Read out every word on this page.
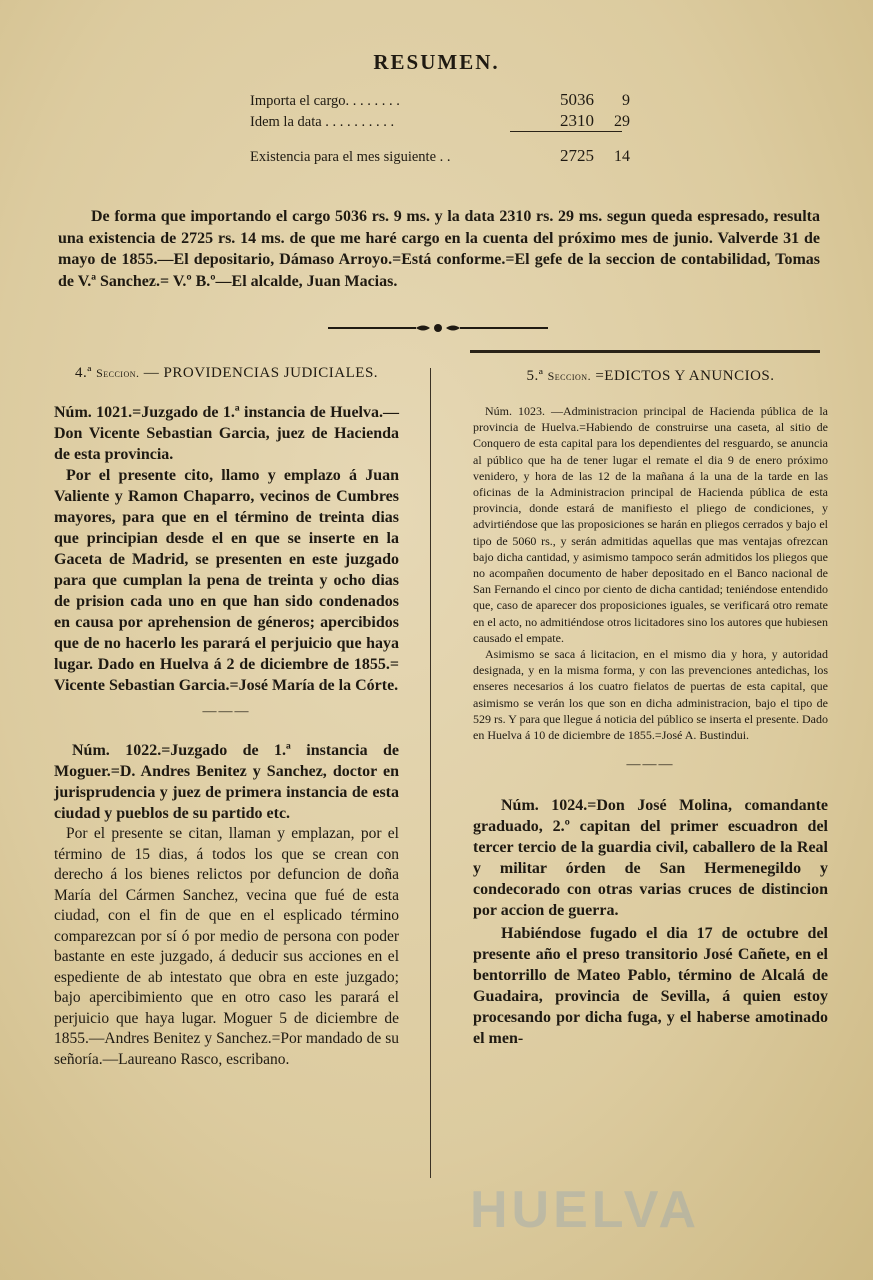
RESUMEN.
Importa el cargo. . . . . . . .	5036	9
Idem la data . . . . . . . . . .	2310	29
Existencia para el mes siguiente . .	2725	14

De forma que importando el cargo 5036 rs. 9 ms. y la data 2310 rs. 29 ms. segun queda espresado, resulta una existencia de 2725 rs. 14 ms. de que me haré cargo en la cuenta del próximo mes de junio. Valverde 31 de mayo de 1855.—El depositario, Dámaso Arroyo.=Está conforme.=El gefe de la seccion de contabilidad, Tomas de V.ª Sanchez.= V.º B.º—El alcalde, Juan Macias.

4.ª Seccion. — PROVIDENCIAS JUDICIALES.

Núm. 1021.=Juzgado de 1.ª instancia de Huelva.—Don Vicente Sebastian Garcia, juez de Hacienda de esta provincia.

Por el presente cito, llamo y emplazo á Juan Valiente y Ramon Chaparro, vecinos de Cumbres mayores, para que en el término de treinta dias que principian desde el en que se inserte en la Gaceta de Madrid, se presenten en este juzgado para que cumplan la pena de treinta y ocho dias de prision cada uno en que han sido condenados en causa por aprehension de géneros; apercibidos que de no hacerlo les parará el perjuicio que haya lugar. Dado en Huelva á 2 de diciembre de 1855.= Vicente Sebastian Garcia.=José María de la Córte.

———

Núm. 1022.=Juzgado de 1.ª instancia de Moguer.=D. Andres Benitez y Sanchez, doctor en jurisprudencia y juez de primera instancia de esta ciudad y pueblos de su partido etc.

Por el presente se citan, llaman y emplazan, por el término de 15 dias, á todos los que se crean con derecho á los bienes relictos por defuncion de doña María del Cármen Sanchez, vecina que fué de esta ciudad, con el fin de que en el esplicado término comparezcan por sí ó por medio de persona con poder bastante en este juzgado, á deducir sus acciones en el espediente de ab intestato que obra en este juzgado; bajo apercibimiento que en otro caso les parará el perjuicio que haya lugar. Moguer 5 de diciembre de 1855.—Andres Benitez y Sanchez.=Por mandado de su señoría.—Laureano Rasco, escribano.

5.ª Seccion. =EDICTOS Y ANUNCIOS.

Núm. 1023. —Administracion principal de Hacienda pública de la provincia de Huelva.=Habiendo de construirse una caseta, al sitio de Conquero de esta capital para los dependientes del resguardo, se anuncia al público que ha de tener lugar el remate el dia 9 de enero próximo venidero, y hora de las 12 de la mañana á la una de la tarde en las oficinas de la Administracion principal de Hacienda pública de esta provincia, donde estará de manifiesto el pliego de condiciones, y advirtiéndose que las proposiciones se harán en pliegos cerrados y bajo el tipo de 5060 rs., y serán admitidas aquellas que mas ventajas ofrezcan bajo dicha cantidad, y asimismo tampoco serán admitidos los pliegos que no acompañen documento de haber depositado en el Banco nacional de San Fernando el cinco por ciento de dicha cantidad; teniéndose entendido que, caso de aparecer dos proposiciones iguales, se verificará otro remate en el acto, no admitiéndose otros licitadores sino los autores que hubiesen causado el empate.

Asimismo se saca á licitacion, en el mismo dia y hora, y autoridad designada, y en la misma forma, y con las prevenciones antedichas, los enseres necesarios á los cuatro fielatos de puertas de esta capital, que asimismo se verán los que son en dicha administracion, bajo el tipo de 529 rs. Y para que llegue á noticia del público se inserta el presente. Dado en Huelva á 10 de diciembre de 1855.=José A. Bustindui.

———

Núm. 1024.=Don José Molina, comandante graduado, 2.º capitan del primer escuadron del tercer tercio de la guardia civil, caballero de la Real y militar órden de San Hermenegildo y condecorado con otras varias cruces de distincion por accion de guerra.

Habiéndose fugado el dia 17 de octubre del presente año el preso transitorio José Cañete, en el bentorrillo de Mateo Pablo, término de Alcalá de Guadaira, provincia de Sevilla, á quien estoy procesando por dicha fuga, y el haberse amotinado el men-

HUELVA
